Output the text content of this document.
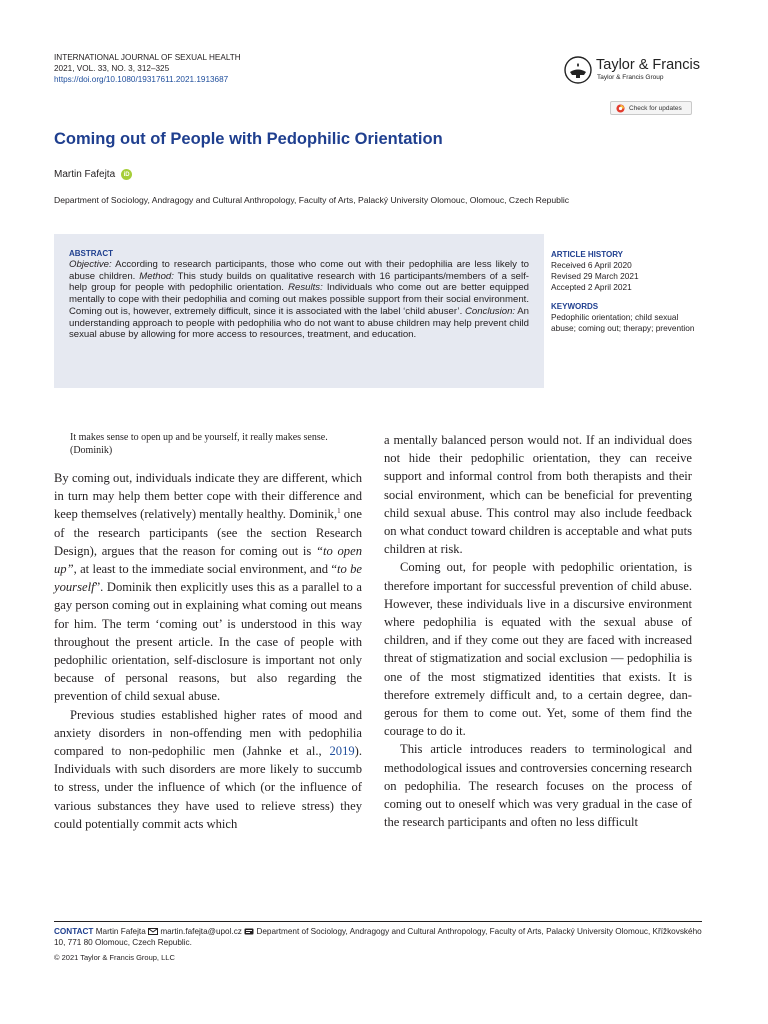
INTERNATIONAL JOURNAL OF SEXUAL HEALTH
2021, VOL. 33, NO. 3, 312–325
https://doi.org/10.1080/19317611.2021.1913687
Taylor & Francis
Taylor & Francis Group
Check for updates
Coming out of People with Pedophilic Orientation
Martin Fafejta	iD
Department of Sociology, Andragogy and Cultural Anthropology, Faculty of Arts, Palacký University Olomouc, Olomouc, Czech Republic
ABSTRACT
Objective: According to research participants, those who come out with their pedophilia are less likely to abuse children. Method: This study builds on qualitative research with 16 participants/members of a self-help group for people with pedophilic orientation. Results: Individuals who come out are better equipped mentally to cope with their pedophilia and coming out makes possible support from their social environment. Coming out is, however, extremely difficult, since it is associated with the label ‘child abuser’. Conclusion: An understanding approach to people with pedophilia who do not want to abuse children may help prevent child sexual abuse by allowing for more access to resources, treatment, and education.
ARTICLE HISTORY

Received 6 April 2020

Revised 29 March 2021

Accepted 2 April 2021

KEYWORDS

Pedophilic orientation; child sexual abuse; coming out; therapy; prevention

It makes sense to open up and be yourself, it really makes sense. (Dominik)

By coming out, individuals indicate they are different, which in turn may help them better cope with their difference and keep themselves (relatively) mentally healthy. Dominik,$^1$ one of the research participants (see the section Research Design), argues that the reason for coming out is “to open up”, at least to the immediate social environment, and “to be yourself”. Dominik then explicitly uses this as a parallel to a gay person coming out in explaining what coming out means for him. The term ‘coming out’ is understood in this way throughout the present article. In the case of people with pedophilic orientation, self-disclosure is important not only because of personal reasons, but also regarding the prevention of child sexual abuse.

Previous studies established higher rates of mood and anxiety disorders in non-offending men with pedophilia compared to non-pedophilic men (Jahnke et al., 2019). Individuals with such disorders are more likely to succumb to stress, under the influence of which (or the influence of various substances they have used to relieve stress) they could potentially commit acts which

a mentally balanced person would not. If an individual does not hide their pedophilic orientation, they can receive support and informal control from both therapists and their social environment, which can be beneficial for preventing child sexual abuse. This control may also include feedback on what conduct toward children is acceptable and what puts children at risk.

Coming out, for people with pedophilic orientation, is therefore important for successful prevention of child abuse. However, these individuals live in a discursive environment where pedophilia is equated with the sexual abuse of children, and if they come out they are faced with increased threat of stigmatization and social exclusion — pedophilia is one of the most stigmatized identities that exists. It is therefore extremely difficult and, to a certain degree, dangerous for them to come out. Yet, some of them find the courage to do it.

This article introduces readers to terminological and methodological issues and controversies concerning research on pedophilia. The research focuses on the process of coming out to oneself which was very gradual in the case of the research participants and often no less difficult

CONTACT Martin Fafejta  martin.fafejta@upol.cz  Department of Sociology, Andragogy and Cultural Anthropology, Faculty of Arts, Palacký University Olomouc, Křížkovského 10, 771 80 Olomouc, Czech Republic.
© 2021 Taylor & Francis Group, LLC
